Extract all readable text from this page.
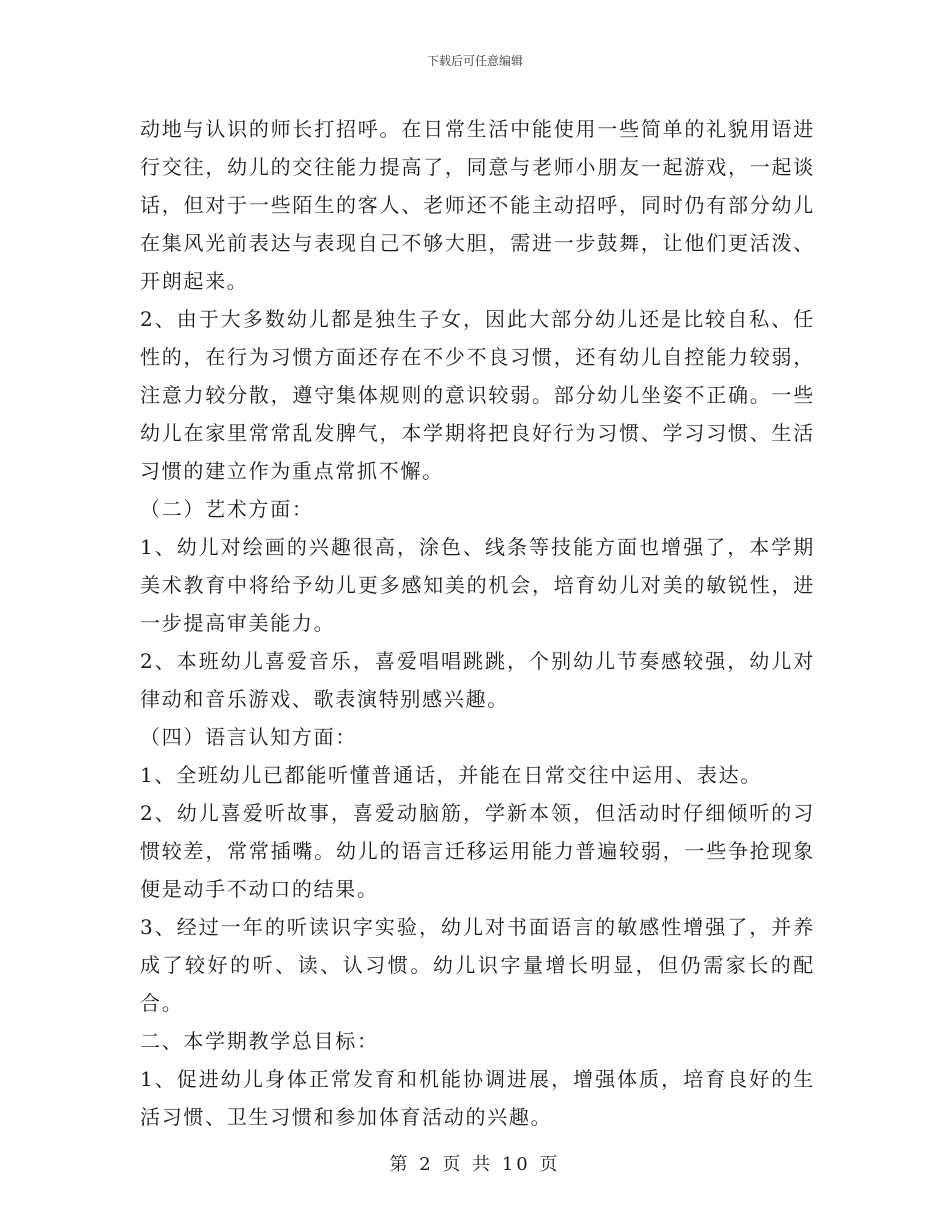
下载后可任意编辑

动地与认识的师长打招呼。在日常生活中能使用一些简单的礼貌用语进行交往，幼儿的交往能力提高了，同意与老师小朋友一起游戏，一起谈话，但对于一些陌生的客人、老师还不能主动招呼，同时仍有部分幼儿在集风光前表达与表现自己不够大胆，需进一步鼓舞，让他们更活泼、开朗起来。

2、由于大多数幼儿都是独生子女，因此大部分幼儿还是比较自私、任性的，在行为习惯方面还存在不少不良习惯，还有幼儿自控能力较弱，注意力较分散，遵守集体规则的意识较弱。部分幼儿坐姿不正确。一些幼儿在家里常常乱发脾气，本学期将把良好行为习惯、学习习惯、生活习惯的建立作为重点常抓不懈。

（二）艺术方面：

1、幼儿对绘画的兴趣很高，涂色、线条等技能方面也增强了，本学期美术教育中将给予幼儿更多感知美的机会，培育幼儿对美的敏锐性，进一步提高审美能力。

2、本班幼儿喜爱音乐，喜爱唱唱跳跳，个别幼儿节奏感较强，幼儿对律动和音乐游戏、歌表演特别感兴趣。

（四）语言认知方面：

1、全班幼儿已都能听懂普通话，并能在日常交往中运用、表达。

2、幼儿喜爱听故事，喜爱动脑筋，学新本领，但活动时仔细倾听的习惯较差，常常插嘴。幼儿的语言迁移运用能力普遍较弱，一些争抢现象便是动手不动口的结果。

3、经过一年的听读识字实验，幼儿对书面语言的敏感性增强了，并养成了较好的听、读、认习惯。幼儿识字量增长明显，但仍需家长的配合。

二、本学期教学总目标：

1、促进幼儿身体正常发育和机能协调进展，增强体质，培育良好的生活习惯、卫生习惯和参加体育活动的兴趣。

第 2 页 共 10 页
